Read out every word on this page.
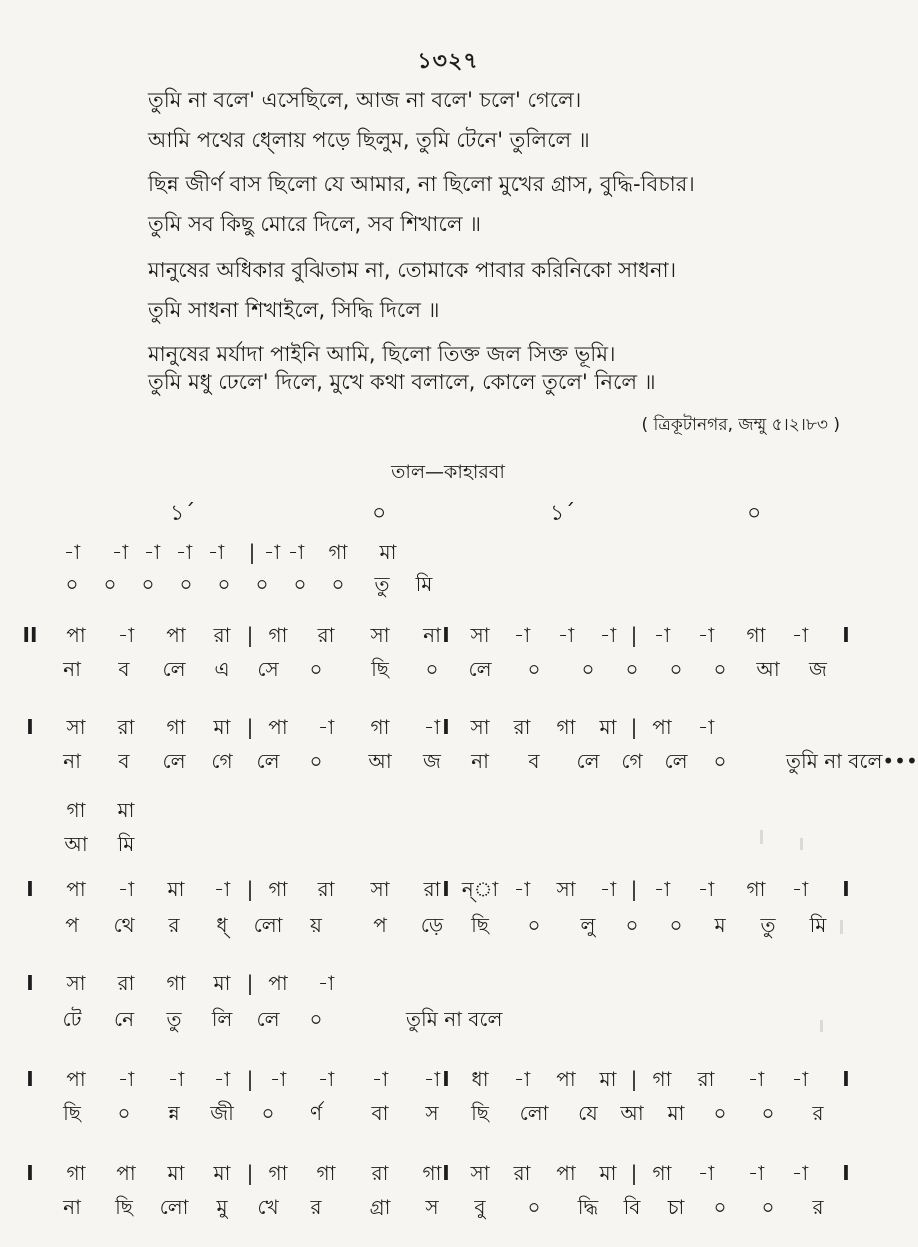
১৩২৭
তুমি না বলে' এসেছিলে, আজ না বলে' চলে' গেলে।
আমি পথের ধ্লোয় পড়ে ছিলুম, তুমি টেনে' তুলিলে ॥
ছিন্ন জীর্ণ বাস ছিলো যে আমার, না ছিলো মুখের গ্রাস, বুদ্ধি-বিচার।
তুমি সব কিছু মোরে দিলে, সব শিখালে ॥
মানুষের অধিকার বুঝিতাম না, তোমাকে পাবার করিনিকো সাধনা।
তুমি সাধনা শিখাইলে, সিদ্ধি দিলে ॥
মানুষের মর্যাদা পাইনি আমি, ছিলো তিক্ত জল সিক্ত ভূমি।
তুমি মধু ঢেলে' দিলে, মুখে কথা বলালে, কোলে তুলে' নিলে ॥
( ত্রিকূটানগর, জম্মু ৫।২।৮৩ )
তাল—কাহারবা
১´	০	১´	০
-া -া -া -া -া | -া -া গা মা
০ ০ ০ ০ ০ ০ ০ ০ তু মি
II পা -া পা রা | গা রা সা না I সা -া -া -া | -া -া গা -া I
না ব লে এ সে ০ ছি ০ লে ০ ০ ০ ০ ০ আ জ
I সা রা গা মা | পা -া গা -া I সা রা গা মা | পা -া
না ব লে গে লে ০ আ জ না ব লে গে লে ০	তুমি না বলে•••
গা মা
আ মি
I পা -া মা -া | গা রা সা রা I ন্া -া সা -া | -া -া গা -া I
প থে র ধ্ লো য়	প ড়ে ছি ০ লু ০ ০ ম তু মি
I সা রা গা মা | পা -া
টে নে তু লি লে ০	তুমি না বলে
I পা -া -া -া | -া -া -া -া I ধা -া পা মা | গা রা -া -া I
ছি ০ ন্ন জী ০ র্ণ বা স ছি লো যে আ মা ০ ০ র
I গা পা মা মা | গা গা রা গা I সা রা পা মা | গা -া -া -া I
না ছি লো মু খে র গ্রা স বু ০ দ্ধি বি চা ০ ০ র
